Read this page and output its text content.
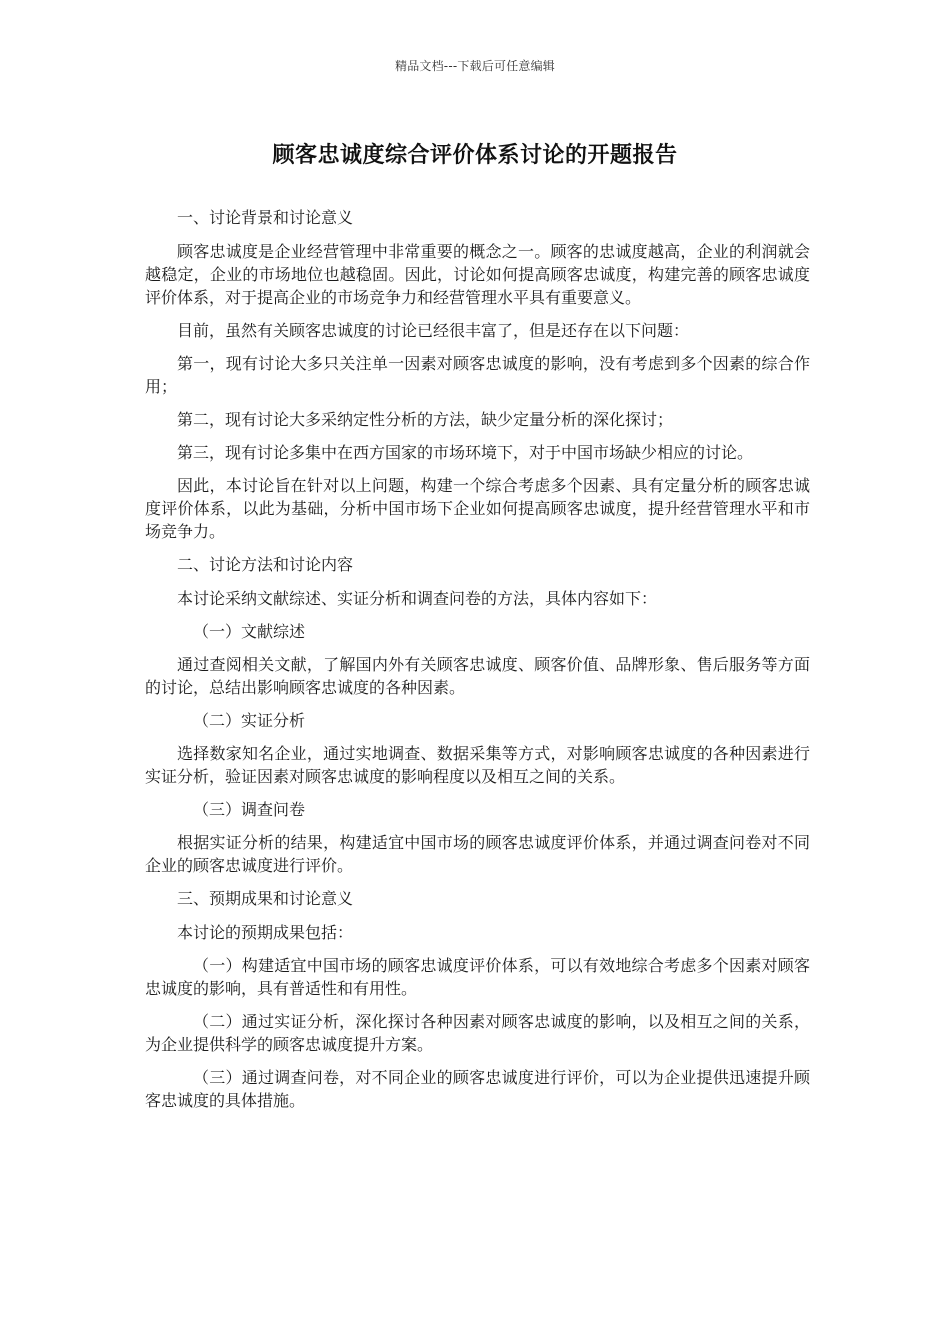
精品文档---下载后可任意编辑
顾客忠诚度综合评价体系讨论的开题报告

一、讨论背景和讨论意义

顾客忠诚度是企业经营管理中非常重要的概念之一。顾客的忠诚度越高，企业的利润就会越稳定，企业的市场地位也越稳固。因此，讨论如何提高顾客忠诚度，构建完善的顾客忠诚度评价体系，对于提高企业的市场竞争力和经营管理水平具有重要意义。

目前，虽然有关顾客忠诚度的讨论已经很丰富了，但是还存在以下问题：

第一，现有讨论大多只关注单一因素对顾客忠诚度的影响，没有考虑到多个因素的综合作用；

第二，现有讨论大多采纳定性分析的方法，缺少定量分析的深化探讨；

第三，现有讨论多集中在西方国家的市场环境下，对于中国市场缺少相应的讨论。

因此，本讨论旨在针对以上问题，构建一个综合考虑多个因素、具有定量分析的顾客忠诚度评价体系，以此为基础，分析中国市场下企业如何提高顾客忠诚度，提升经营管理水平和市场竞争力。

二、讨论方法和讨论内容

本讨论采纳文献综述、实证分析和调查问卷的方法，具体内容如下：

（一）文献综述

通过查阅相关文献，了解国内外有关顾客忠诚度、顾客价值、品牌形象、售后服务等方面的讨论，总结出影响顾客忠诚度的各种因素。

（二）实证分析

选择数家知名企业，通过实地调查、数据采集等方式，对影响顾客忠诚度的各种因素进行实证分析，验证因素对顾客忠诚度的影响程度以及相互之间的关系。

（三）调查问卷

根据实证分析的结果，构建适宜中国市场的顾客忠诚度评价体系，并通过调查问卷对不同企业的顾客忠诚度进行评价。

三、预期成果和讨论意义

本讨论的预期成果包括：

（一）构建适宜中国市场的顾客忠诚度评价体系，可以有效地综合考虑多个因素对顾客忠诚度的影响，具有普适性和有用性。

（二）通过实证分析，深化探讨各种因素对顾客忠诚度的影响，以及相互之间的关系，为企业提供科学的顾客忠诚度提升方案。

（三）通过调查问卷，对不同企业的顾客忠诚度进行评价，可以为企业提供迅速提升顾客忠诚度的具体措施。
